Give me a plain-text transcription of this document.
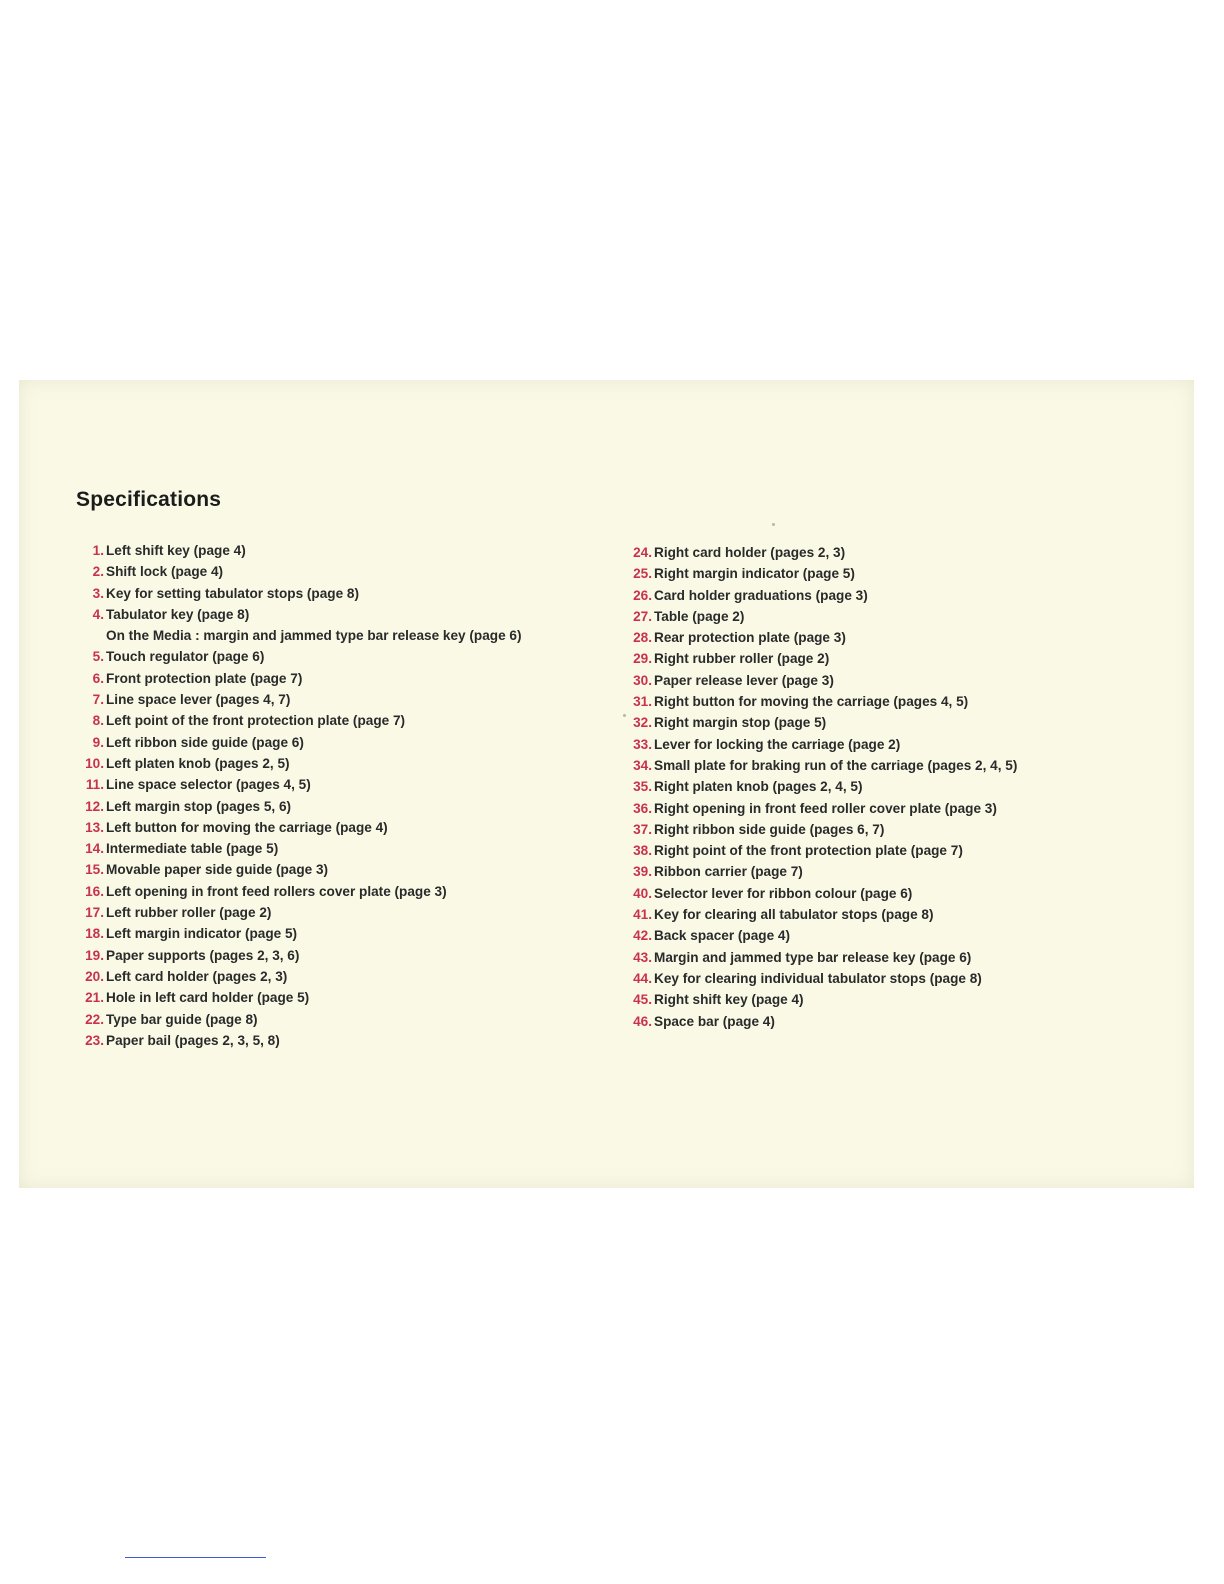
Specifications
1. Left shift key (page 4)
2. Shift lock (page 4)
3. Key for setting tabulator stops (page 8)
4. Tabulator key (page 8)
On the Media : margin and jammed type bar release key (page 6)
5. Touch regulator (page 6)
6. Front protection plate (page 7)
7. Line space lever (pages 4, 7)
8. Left point of the front protection plate (page 7)
9. Left ribbon side guide (page 6)
10. Left platen knob (pages 2, 5)
11. Line space selector (pages 4, 5)
12. Left margin stop (pages 5, 6)
13. Left button for moving the carriage (page 4)
14. Intermediate table (page 5)
15. Movable paper side guide (page 3)
16. Left opening in front feed rollers cover plate (page 3)
17. Left rubber roller (page 2)
18. Left margin indicator (page 5)
19. Paper supports (pages 2, 3, 6)
20. Left card holder (pages 2, 3)
21. Hole in left card holder (page 5)
22. Type bar guide (page 8)
23. Paper bail (pages 2, 3, 5, 8)
24. Right card holder (pages 2, 3)
25. Right margin indicator (page 5)
26. Card holder graduations (page 3)
27. Table (page 2)
28. Rear protection plate (page 3)
29. Right rubber roller (page 2)
30. Paper release lever (page 3)
31. Right button for moving the carriage (pages 4, 5)
32. Right margin stop (page 5)
33. Lever for locking the carriage (page 2)
34. Small plate for braking run of the carriage (pages 2, 4, 5)
35. Right platen knob (pages 2, 4, 5)
36. Right opening in front feed roller cover plate (page 3)
37. Right ribbon side guide (pages 6, 7)
38. Right point of the front protection plate (page 7)
39. Ribbon carrier (page 7)
40. Selector lever for ribbon colour (page 6)
41. Key for clearing all tabulator stops (page 8)
42. Back spacer (page 4)
43. Margin and jammed type bar release key (page 6)
44. Key for clearing individual tabulator stops (page 8)
45. Right shift key (page 4)
46. Space bar (page 4)
